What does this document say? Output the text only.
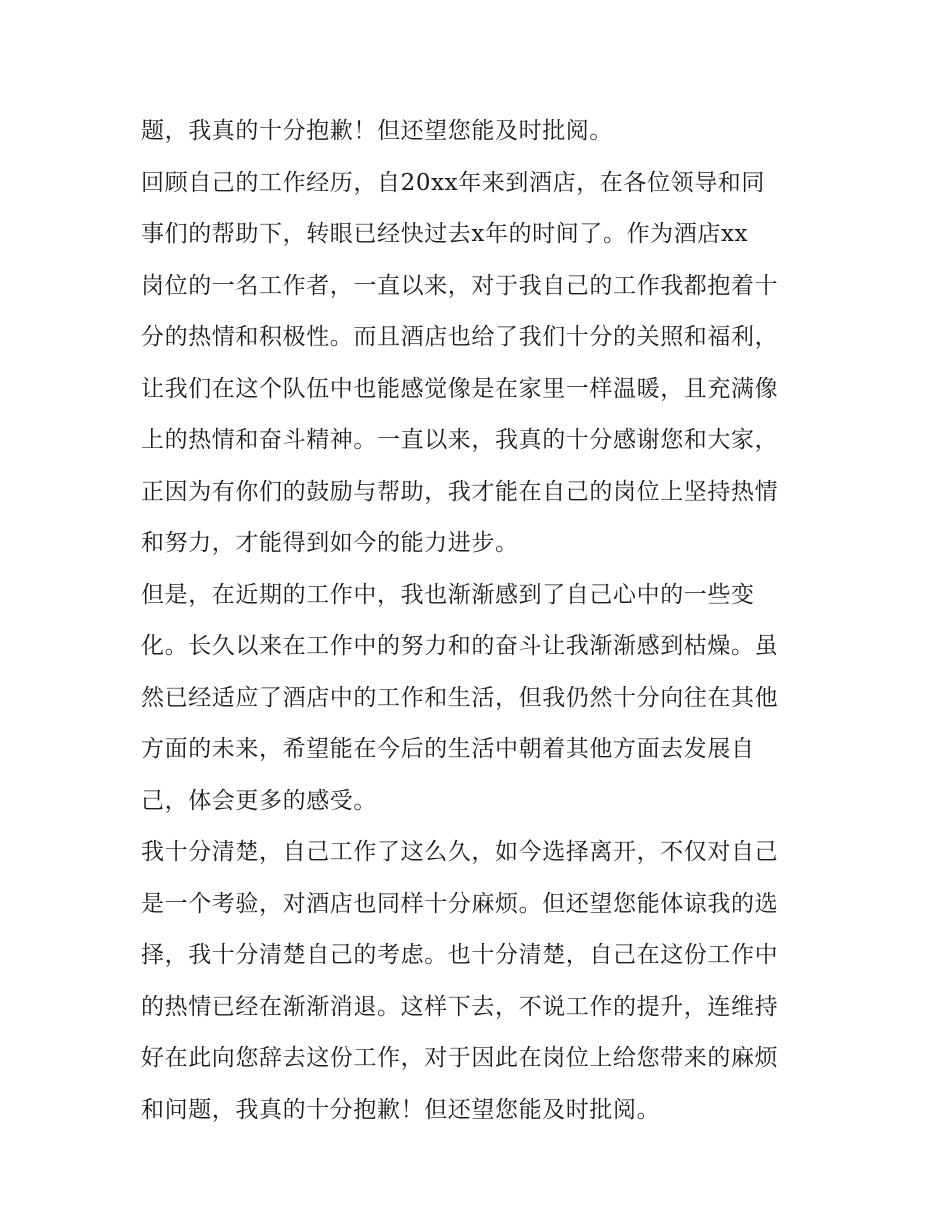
题，我真的十分抱歉！但还望您能及时批阅。
回顾自己的工作经历，自20xx年来到酒店，在各位领导和同
事们的帮助下，转眼已经快过去x年的时间了。作为酒店xx
岗位的一名工作者，一直以来，对于我自己的工作我都抱着十
分的热情和积极性。而且酒店也给了我们十分的关照和福利，
让我们在这个队伍中也能感觉像是在家里一样温暖，且充满像
上的热情和奋斗精神。一直以来，我真的十分感谢您和大家，
正因为有你们的鼓励与帮助，我才能在自己的岗位上坚持热情
和努力，才能得到如今的能力进步。
但是，在近期的工作中，我也渐渐感到了自己心中的一些变
化。长久以来在工作中的努力和的奋斗让我渐渐感到枯燥。虽
然已经适应了酒店中的工作和生活，但我仍然十分向往在其他
方面的未来，希望能在今后的生活中朝着其他方面去发展自
己，体会更多的感受。
我十分清楚，自己工作了这么久，如今选择离开，不仅对自己
是一个考验，对酒店也同样十分麻烦。但还望您能体谅我的选
择，我十分清楚自己的考虑。也十分清楚，自己在这份工作中
的热情已经在渐渐消退。这样下去，不说工作的提升，连维持
好在此向您辞去这份工作，对于因此在岗位上给您带来的麻烦
和问题，我真的十分抱歉！但还望您能及时批阅。
